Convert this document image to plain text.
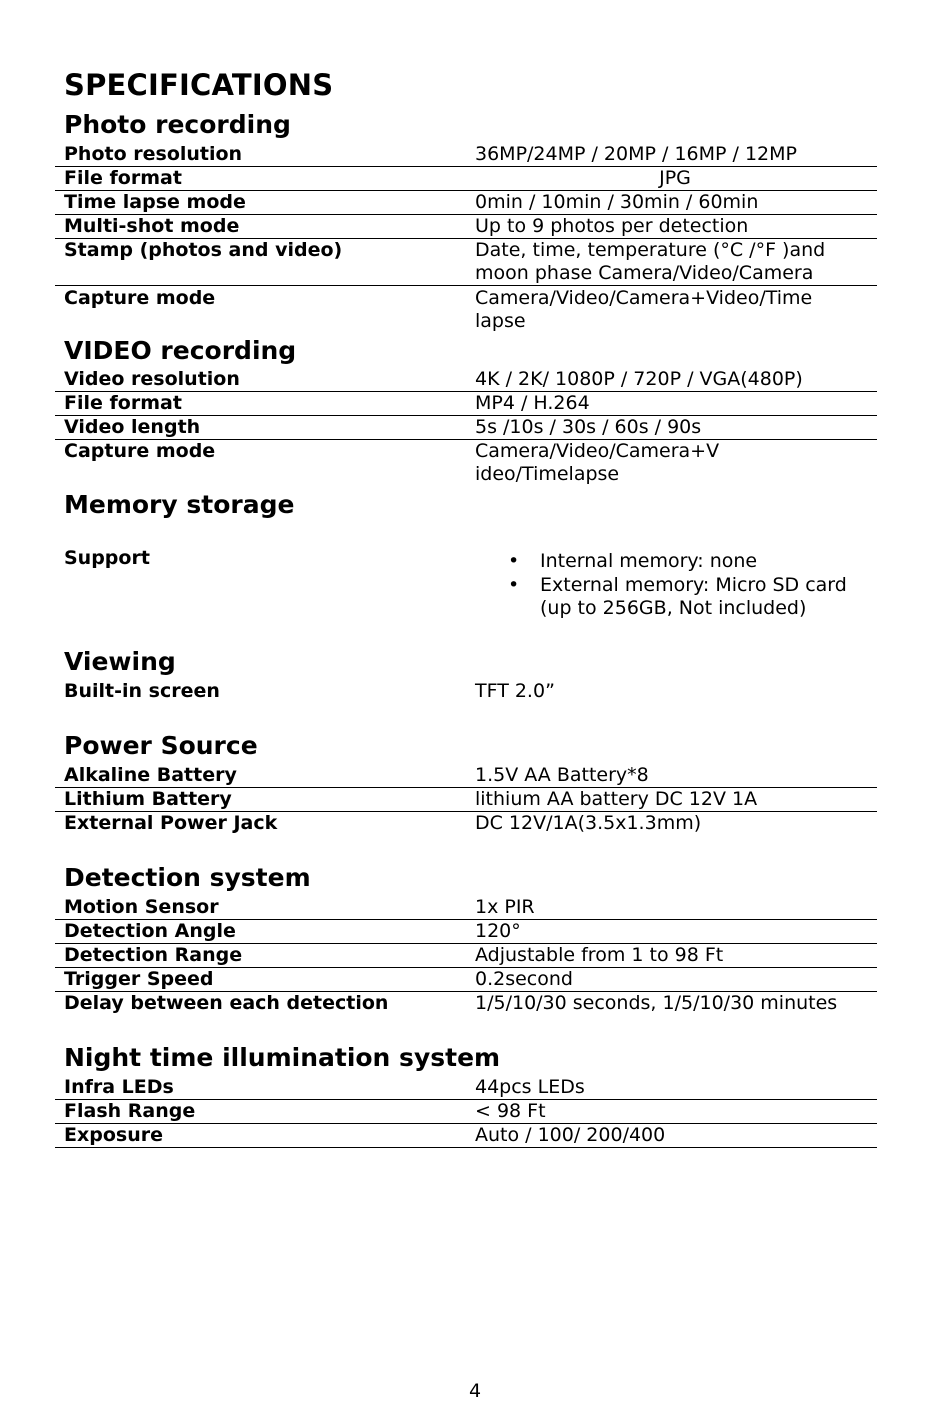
SPECIFICATIONS
Photo recording
Photo resolution	36MP/24MP / 20MP / 16MP / 12MP
File format	JPG
Time lapse mode	0min / 10min / 30min / 60min
Multi-shot mode	Up to 9 photos per detection
Stamp (photos and video)	Date, time, temperature (°C /°F )and
moon phase Camera/Video/Camera
Capture mode	Camera/Video/Camera+Video/Time
lapse
VIDEO recording
Video resolution	4K / 2K/ 1080P / 720P / VGA(480P)
File format	MP4 / H.264
Video length	5s /10s / 30s / 60s / 90s
Capture mode	Camera/Video/Camera+V
ideo/Timelapse
Memory storage
Support	• Internal memory: none
• External memory: Micro SD card
(up to 256GB, Not included)
Viewing
Built-in screen	TFT 2.0”
Power Source
Alkaline Battery	1.5V AA Battery*8
Lithium Battery	lithium AA battery DC 12V 1A
External Power Jack	DC 12V/1A(3.5x1.3mm)
Detection system
Motion Sensor	1x PIR
Detection Angle	120°
Detection Range	Adjustable from 1 to 98 Ft
Trigger Speed	0.2second
Delay between each detection	1/5/10/30 seconds, 1/5/10/30 minutes
Night time illumination system
Infra LEDs	44pcs LEDs
Flash Range	< 98 Ft
Exposure	Auto / 100/ 200/400
4
